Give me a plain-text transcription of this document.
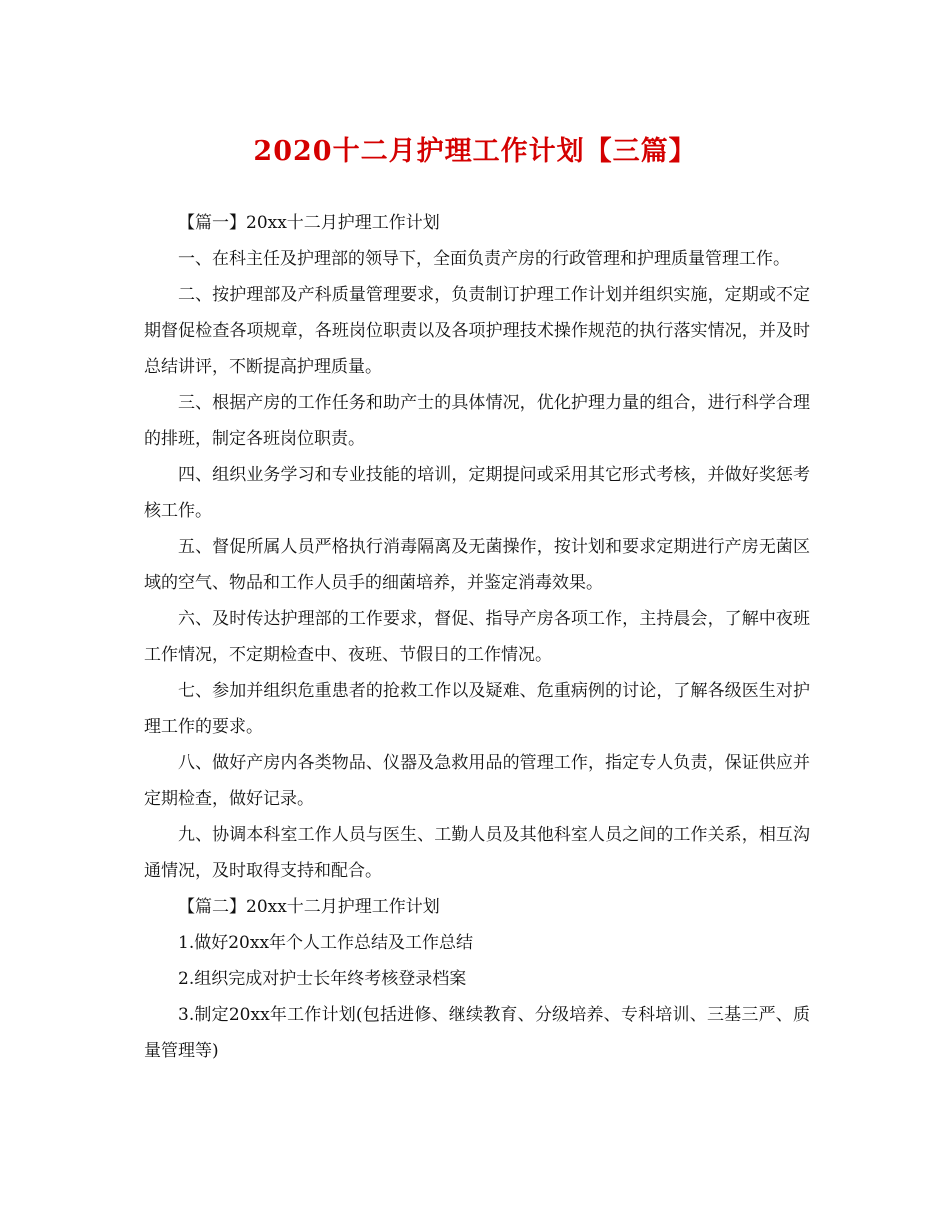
2020十二月护理工作计划【三篇】

【篇一】20xx十二月护理工作计划

一、在科主任及护理部的领导下，全面负责产房的行政管理和护理质量管理工作。

二、按护理部及产科质量管理要求，负责制订护理工作计划并组织实施，定期或不定期督促检查各项规章，各班岗位职责以及各项护理技术操作规范的执行落实情况，并及时总结讲评，不断提高护理质量。

三、根据产房的工作任务和助产士的具体情况，优化护理力量的组合，进行科学合理的排班，制定各班岗位职责。

四、组织业务学习和专业技能的培训，定期提问或采用其它形式考核，并做好奖惩考核工作。

五、督促所属人员严格执行消毒隔离及无菌操作，按计划和要求定期进行产房无菌区域的空气、物品和工作人员手的细菌培养，并鉴定消毒效果。

六、及时传达护理部的工作要求，督促、指导产房各项工作，主持晨会，了解中夜班工作情况，不定期检查中、夜班、节假日的工作情况。

七、参加并组织危重患者的抢救工作以及疑难、危重病例的讨论，了解各级医生对护理工作的要求。

八、做好产房内各类物品、仪器及急救用品的管理工作，指定专人负责，保证供应并定期检查，做好记录。

九、协调本科室工作人员与医生、工勤人员及其他科室人员之间的工作关系，相互沟通情况，及时取得支持和配合。

【篇二】20xx十二月护理工作计划

1.做好20xx年个人工作总结及工作总结

2.组织完成对护士长年终考核登录档案

3.制定20xx年工作计划(包括进修、继续教育、分级培养、专科培训、三基三严、质量管理等)
